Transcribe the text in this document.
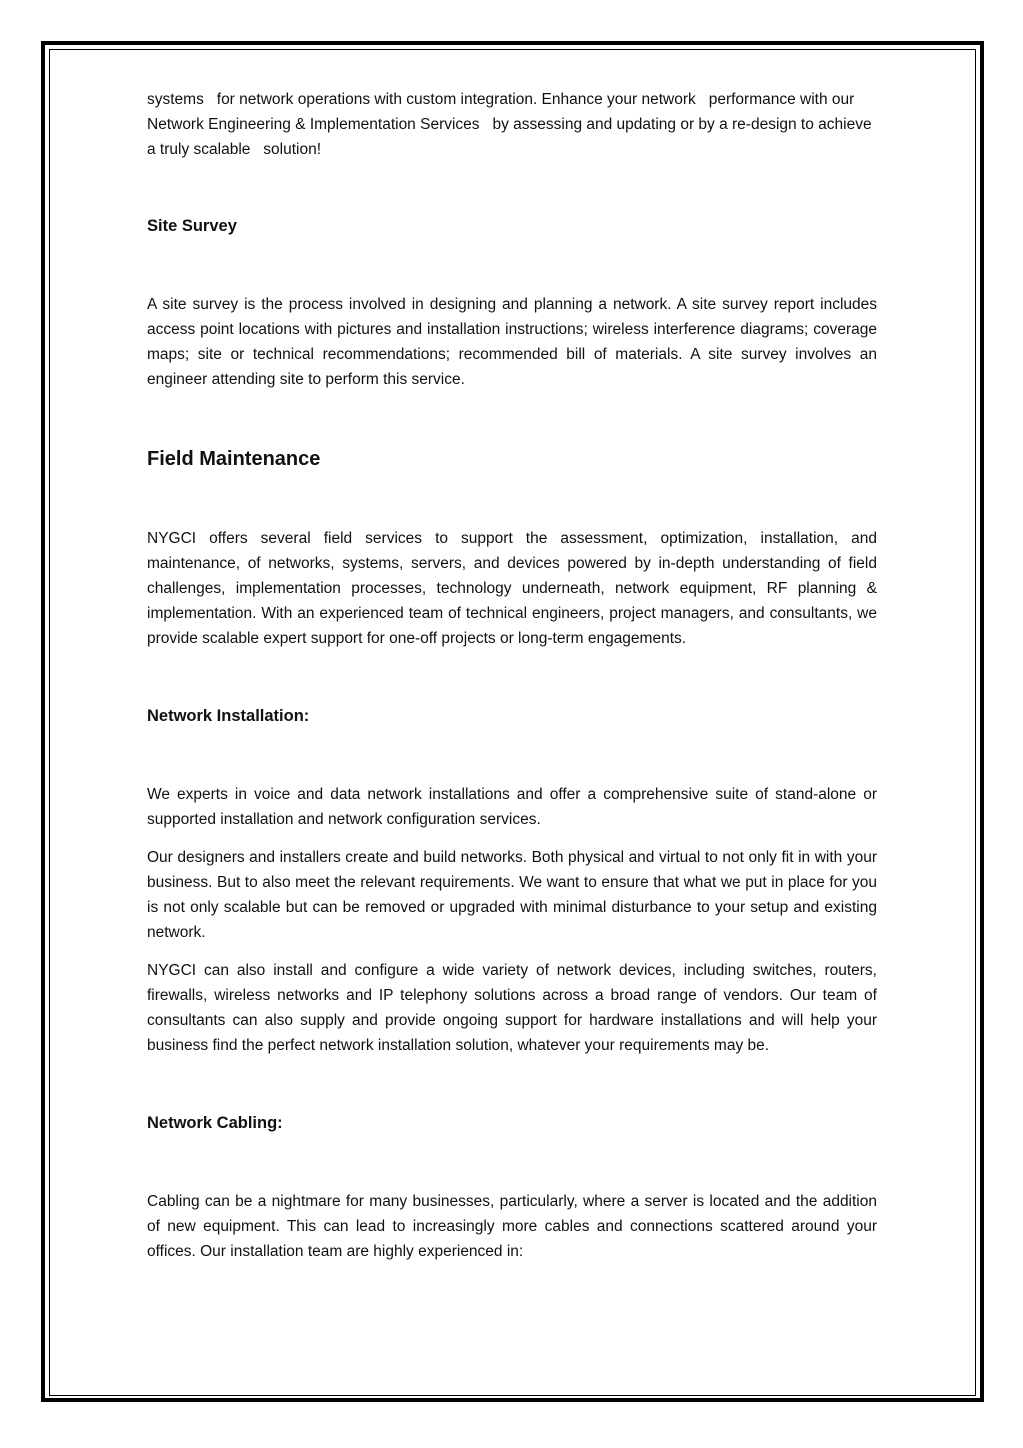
systems   for network operations with custom integration. Enhance your network   performance with our Network Engineering & Implementation Services   by assessing and updating or by a re-design to achieve a truly scalable   solution!

Site Survey

A site survey is the process involved in designing and planning a network. A site survey report includes access point locations with pictures and installation instructions; wireless interference diagrams; coverage maps; site or technical recommendations; recommended bill of materials. A site survey involves an engineer attending site to perform this service.

Field Maintenance

NYGCI offers several field services to support the assessment, optimization, installation, and maintenance, of networks, systems, servers, and devices powered by in-depth understanding of field challenges, implementation processes, technology underneath, network equipment, RF planning & implementation. With an experienced team of technical engineers, project managers, and consultants, we provide scalable expert support for one-off projects or long-term engagements.

Network Installation:

We experts in voice and data network installations and offer a comprehensive suite of stand-alone or supported installation and network configuration services.

Our designers and installers create and build networks. Both physical and virtual to not only fit in with your business. But to also meet the relevant requirements. We want to ensure that what we put in place for you is not only scalable but can be removed or upgraded with minimal disturbance to your setup and existing network.

NYGCI can also install and configure a wide variety of network devices, including switches, routers, firewalls, wireless networks and IP telephony solutions across a broad range of vendors. Our team of consultants can also supply and provide ongoing support for hardware installations and will help your business find the perfect network installation solution, whatever your requirements may be.

Network Cabling:

Cabling can be a nightmare for many businesses, particularly, where a server is located and the addition of new equipment. This can lead to increasingly more cables and connections scattered around your offices. Our installation team are highly experienced in:
